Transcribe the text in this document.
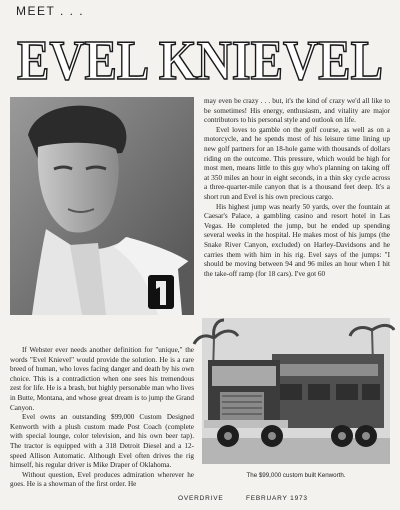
MEET . . .
EVEL KNIEVEL

may even be crazy . . . but, it's the kind of crazy we'd all like to be sometimes! His energy, enthusiasm, and vitality are major contributors to his personal style and outlook on life.

Evel loves to gamble on the golf course, as well as on a motorcycle, and he spends most of his leisure time lining up new golf partners for an 18-hole game with thousands of dollars riding on the outcome. This pressure, which would be high for most men, means little to this guy who's planning on taking off at 350 miles an hour in eight seconds, in a thin sky cycle across a three-quarter-mile canyon that is a thousand feet deep. It's a short run and Evel is his own precious cargo.

His highest jump was nearly 50 yards, over the fountain at Caesar's Palace, a gambling casino and resort hotel in Las Vegas. He completed the jump, but he ended up spending several weeks in the hospital. He makes most of his jumps (the Snake River Canyon, excluded) on Harley-Davidsons and he carries them with him in his rig. Evel says of the jumps: "I should be moving between 94 and 96 miles an hour when I hit the take-off ramp (for 18 cars). I've got 60

If Webster ever needs another definition for "unique," the words "Evel Knievel" would provide the solution. He is a rare breed of human, who loves facing danger and death by his own choice. This is a contradiction when one sees his tremendous zest for life. He is a brash, but highly personable man who lives in Butte, Montana, and whose great dream is to jump the Grand Canyon.

Evel owns an outstanding $99,000 Custom Designed Kenworth with a plush custom made Post Coach (complete with special lounge, color television, and his own beer tap). The tractor is equipped with a 318 Detroit Diesel and a 12-speed Allison Automatic. Although Evel often drives the rig himself, his regular driver is Mike Draper of Oklahoma.

Without question, Evel produces admiration wherever he goes. He is a showman of the first order. He

The $99,000 custom built Kenworth.
OVERDRIVE	FEBRUARY 1973
